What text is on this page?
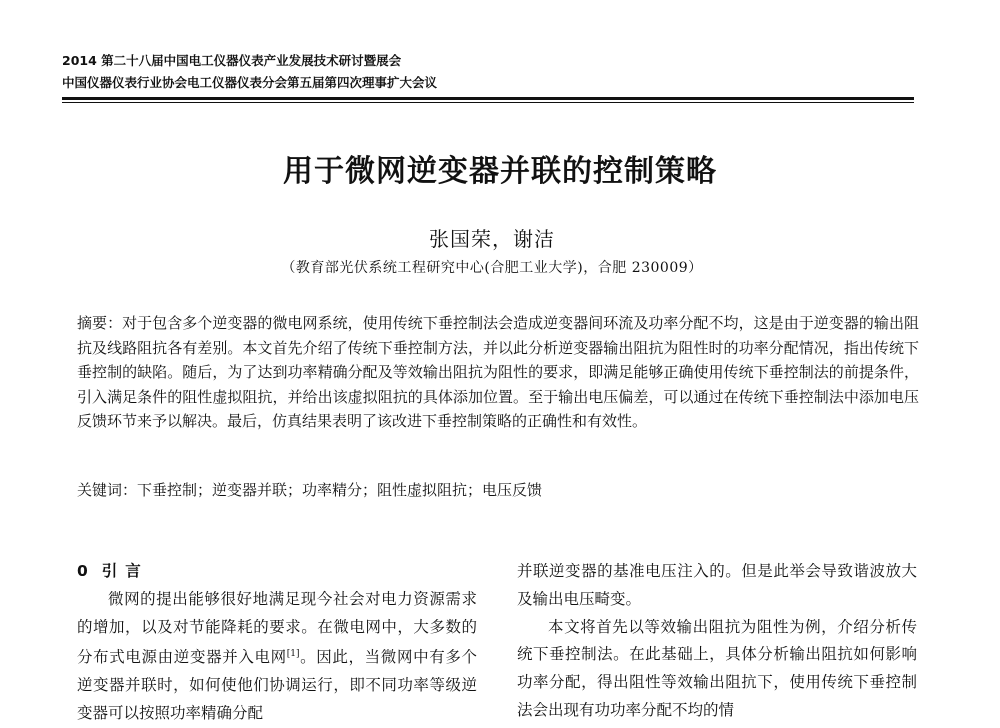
2014 第二十八届中国电工仪器仪表产业发展技术研讨暨展会
中国仪器仪表行业协会电工仪器仪表分会第五届第四次理事扩大会议
用于微网逆变器并联的控制策略
张国荣，谢洁
（教育部光伏系统工程研究中心(合肥工业大学)，合肥 230009）
摘要：对于包含多个逆变器的微电网系统，使用传统下垂控制法会造成逆变器间环流及功率分配不均，这是由于逆变器的输出阻抗及线路阻抗各有差别。本文首先介绍了传统下垂控制方法，并以此分析逆变器输出阻抗为阻性时的功率分配情况，指出传统下垂控制的缺陷。随后，为了达到功率精确分配及等效输出阻抗为阻性的要求，即满足能够正确使用传统下垂控制法的前提条件，引入满足条件的阻性虚拟阻抗，并给出该虚拟阻抗的具体添加位置。至于输出电压偏差，可以通过在传统下垂控制法中添加电压反馈环节来予以解决。最后，仿真结果表明了该改进下垂控制策略的正确性和有效性。
关键词：下垂控制；逆变器并联；功率精分；阻性虚拟阻抗；电压反馈
0 引言

微网的提出能够很好地满足现今社会对电力资源需求的增加，以及对节能降耗的要求。在微电网中，大多数的分布式电源由逆变器并入电网[1]。因此，当微网中有多个逆变器并联时，如何使他们协调运行，即不同功率等级逆变器可以按照功率精确分配

并联逆变器的基准电压注入的。但是此举会导致谐波放大及输出电压畸变。

本文将首先以等效输出阻抗为阻性为例，介绍分析传统下垂控制法。在此基础上，具体分析输出阻抗如何影响功率分配，得出阻性等效输出阻抗下，使用传统下垂控制法会出现有功功率分配不均的情
